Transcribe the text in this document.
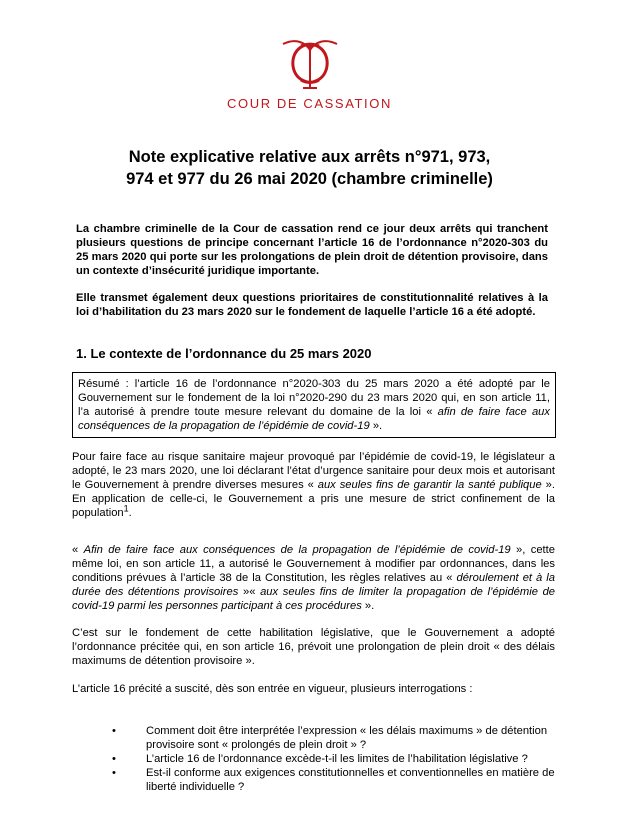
COUR DE CASSATION
Note explicative relative aux arrêts n°971, 973,
974 et 977 du 26 mai 2020 (chambre criminelle)
La chambre criminelle de la Cour de cassation rend ce jour deux arrêts qui tranchent plusieurs questions de principe concernant l’article 16 de l’ordonnance n°2020-303 du 25 mars 2020 qui porte sur les prolongations de plein droit de détention provisoire, dans un contexte d’insécurité juridique importante.
Elle transmet également deux questions prioritaires de constitutionnalité relatives à la loi d’habilitation du 23 mars 2020 sur le fondement de laquelle l’article 16 a été adopté.
1. Le contexte de l’ordonnance du 25 mars 2020
Résumé : l’article 16 de l’ordonnance n°2020-303 du 25 mars 2020 a été adopté par le Gouvernement sur le fondement de la loi n°2020-290 du 23 mars 2020 qui, en son article 11, l’a autorisé à prendre toute mesure relevant du domaine de la loi « afin de faire face aux conséquences de la propagation de l’épidémie de covid-19 ».
Pour faire face au risque sanitaire majeur provoqué par l’épidémie de covid-19, le législateur a adopté, le 23 mars 2020, une loi déclarant l’état d’urgence sanitaire pour deux mois et autorisant le Gouvernement à prendre diverses mesures « aux seules fins de garantir la santé publique ». En application de celle-ci, le Gouvernement a pris une mesure de strict confinement de la population$^1$.
« Afin de faire face aux conséquences de la propagation de l’épidémie de covid-19 », cette même loi, en son article 11, a autorisé le Gouvernement à modifier par ordonnances, dans les conditions prévues à l’article 38 de la Constitution, les règles relatives au « déroulement et à la durée des détentions provisoires »« aux seules fins de limiter la propagation de l’épidémie de covid-19 parmi les personnes participant à ces procédures ».
C’est sur le fondement de cette habilitation législative, que le Gouvernement a adopté l’ordonnance précitée qui, en son article 16, prévoit une prolongation de plein droit « des délais maximums de détention provisoire ».
L’article 16 précité a suscité, dès son entrée en vigueur, plusieurs interrogations :
•	Comment doit être interprétée l’expression « les délais maximums » de détention provisoire sont « prolongés de plein droit » ?
•	L’article 16 de l’ordonnance excède-t-il les limites de l’habilitation législative ?
•	Est-il conforme aux exigences constitutionnelles et conventionnelles en matière de liberté individuelle ?
